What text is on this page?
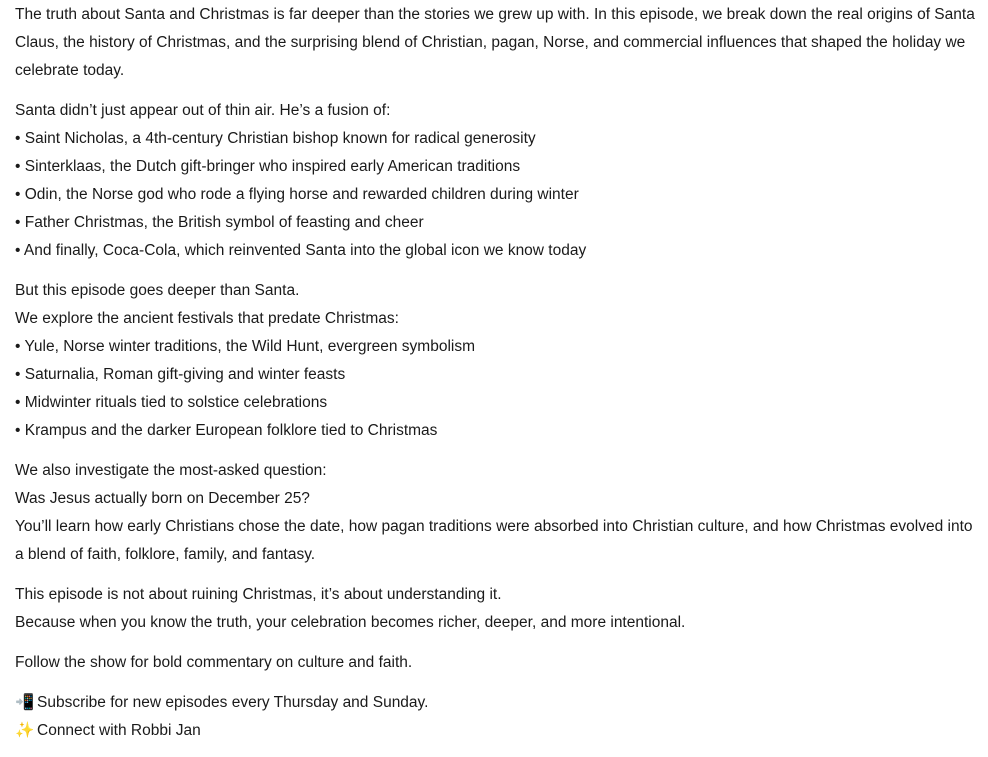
The truth about Santa and Christmas is far deeper than the stories we grew up with. In this episode, we break down the real origins of Santa Claus, the history of Christmas, and the surprising blend of Christian, pagan, Norse, and commercial influences that shaped the holiday we celebrate today.

Santa didn’t just appear out of thin air. He’s a fusion of:
• Saint Nicholas, a 4th-century Christian bishop known for radical generosity
• Sinterklaas, the Dutch gift-bringer who inspired early American traditions
• Odin, the Norse god who rode a flying horse and rewarded children during winter
• Father Christmas, the British symbol of feasting and cheer
• And finally, Coca-Cola, which reinvented Santa into the global icon we know today
But this episode goes deeper than Santa.
We explore the ancient festivals that predate Christmas:
• Yule, Norse winter traditions, the Wild Hunt, evergreen symbolism
• Saturnalia, Roman gift-giving and winter feasts
• Midwinter rituals tied to solstice celebrations
• Krampus and the darker European folklore tied to Christmas
We also investigate the most-asked question:
Was Jesus actually born on December 25?
You’ll learn how early Christians chose the date, how pagan traditions were absorbed into Christian culture, and how Christmas evolved into a blend of faith, folklore, family, and fantasy.
This episode is not about ruining Christmas, it’s about understanding it.
Because when you know the truth, your celebration becomes richer, deeper, and more intentional.

Follow the show for bold commentary on culture and faith.

📲 Subscribe for new episodes every Thursday and Sunday.
✨ Connect with Robbi Jan
